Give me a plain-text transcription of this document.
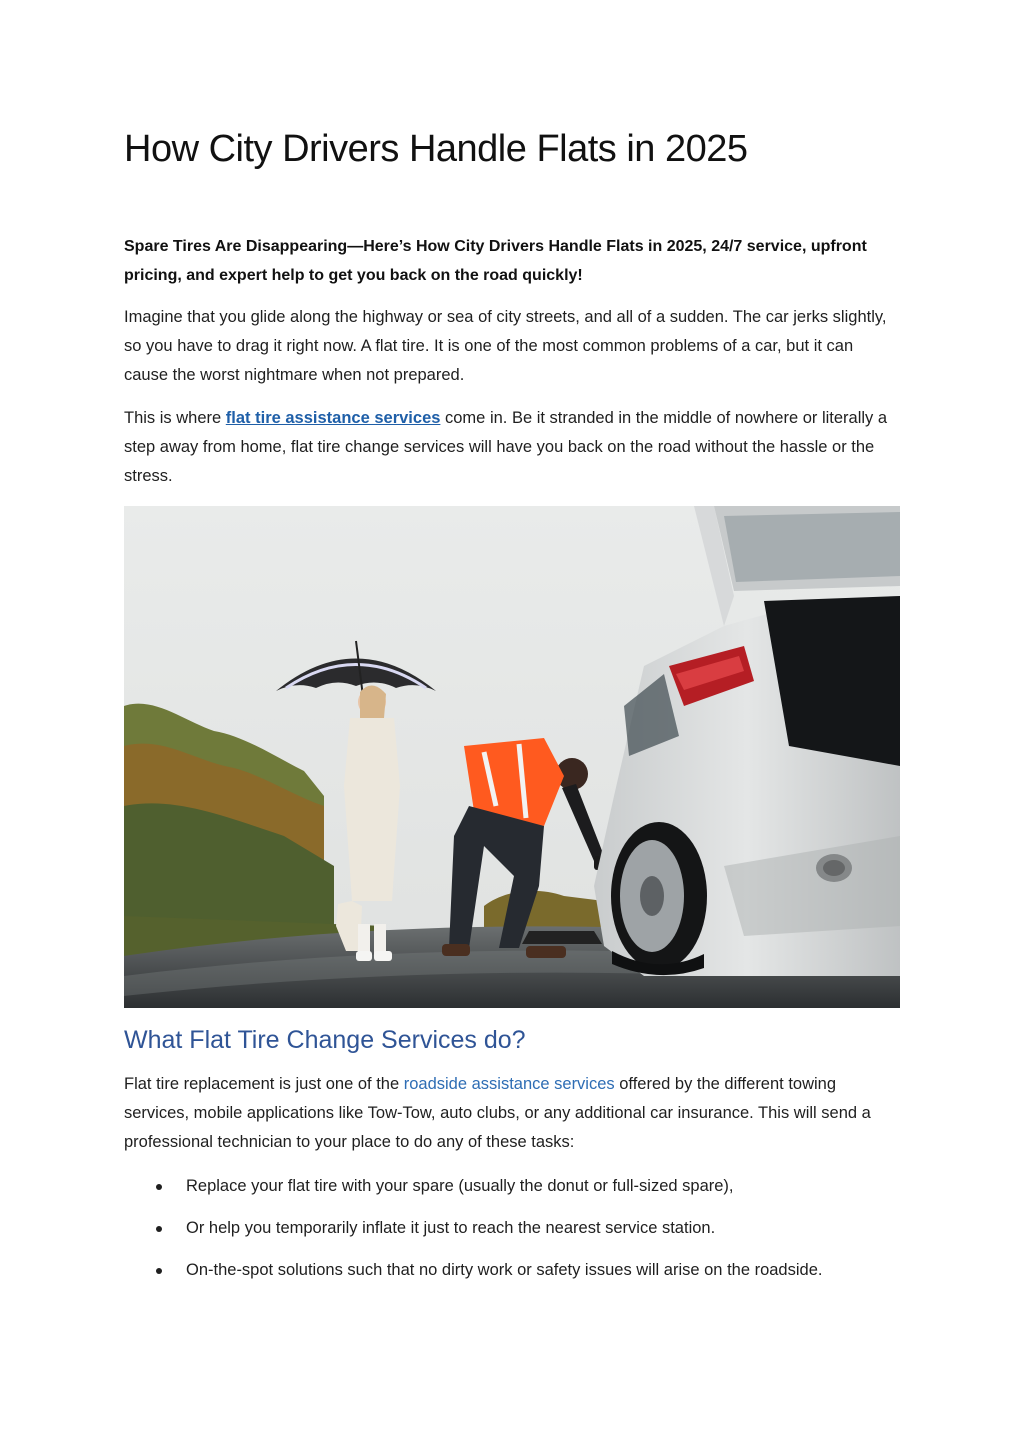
How City Drivers Handle Flats in 2025

Spare Tires Are Disappearing—Here’s How City Drivers Handle Flats in 2025, 24/7 service, upfront pricing, and expert help to get you back on the road quickly!

Imagine that you glide along the highway or sea of city streets, and all of a sudden. The car jerks slightly, so you have to drag it right now. A flat tire. It is one of the most common problems of a car, but it can cause the worst nightmare when not prepared.

This is where flat tire assistance services come in. Be it stranded in the middle of nowhere or literally a step away from home, flat tire change services will have you back on the road without the hassle or the stress.

What Flat Tire Change Services do?

Flat tire replacement is just one of the roadside assistance services offered by the different towing services, mobile applications like Tow-Tow, auto clubs, or any additional car insurance. This will send a professional technician to your place to do any of these tasks:

Replace your flat tire with your spare (usually the donut or full-sized spare),
Or help you temporarily inflate it just to reach the nearest service station.
On-the-spot solutions such that no dirty work or safety issues will arise on the roadside.
